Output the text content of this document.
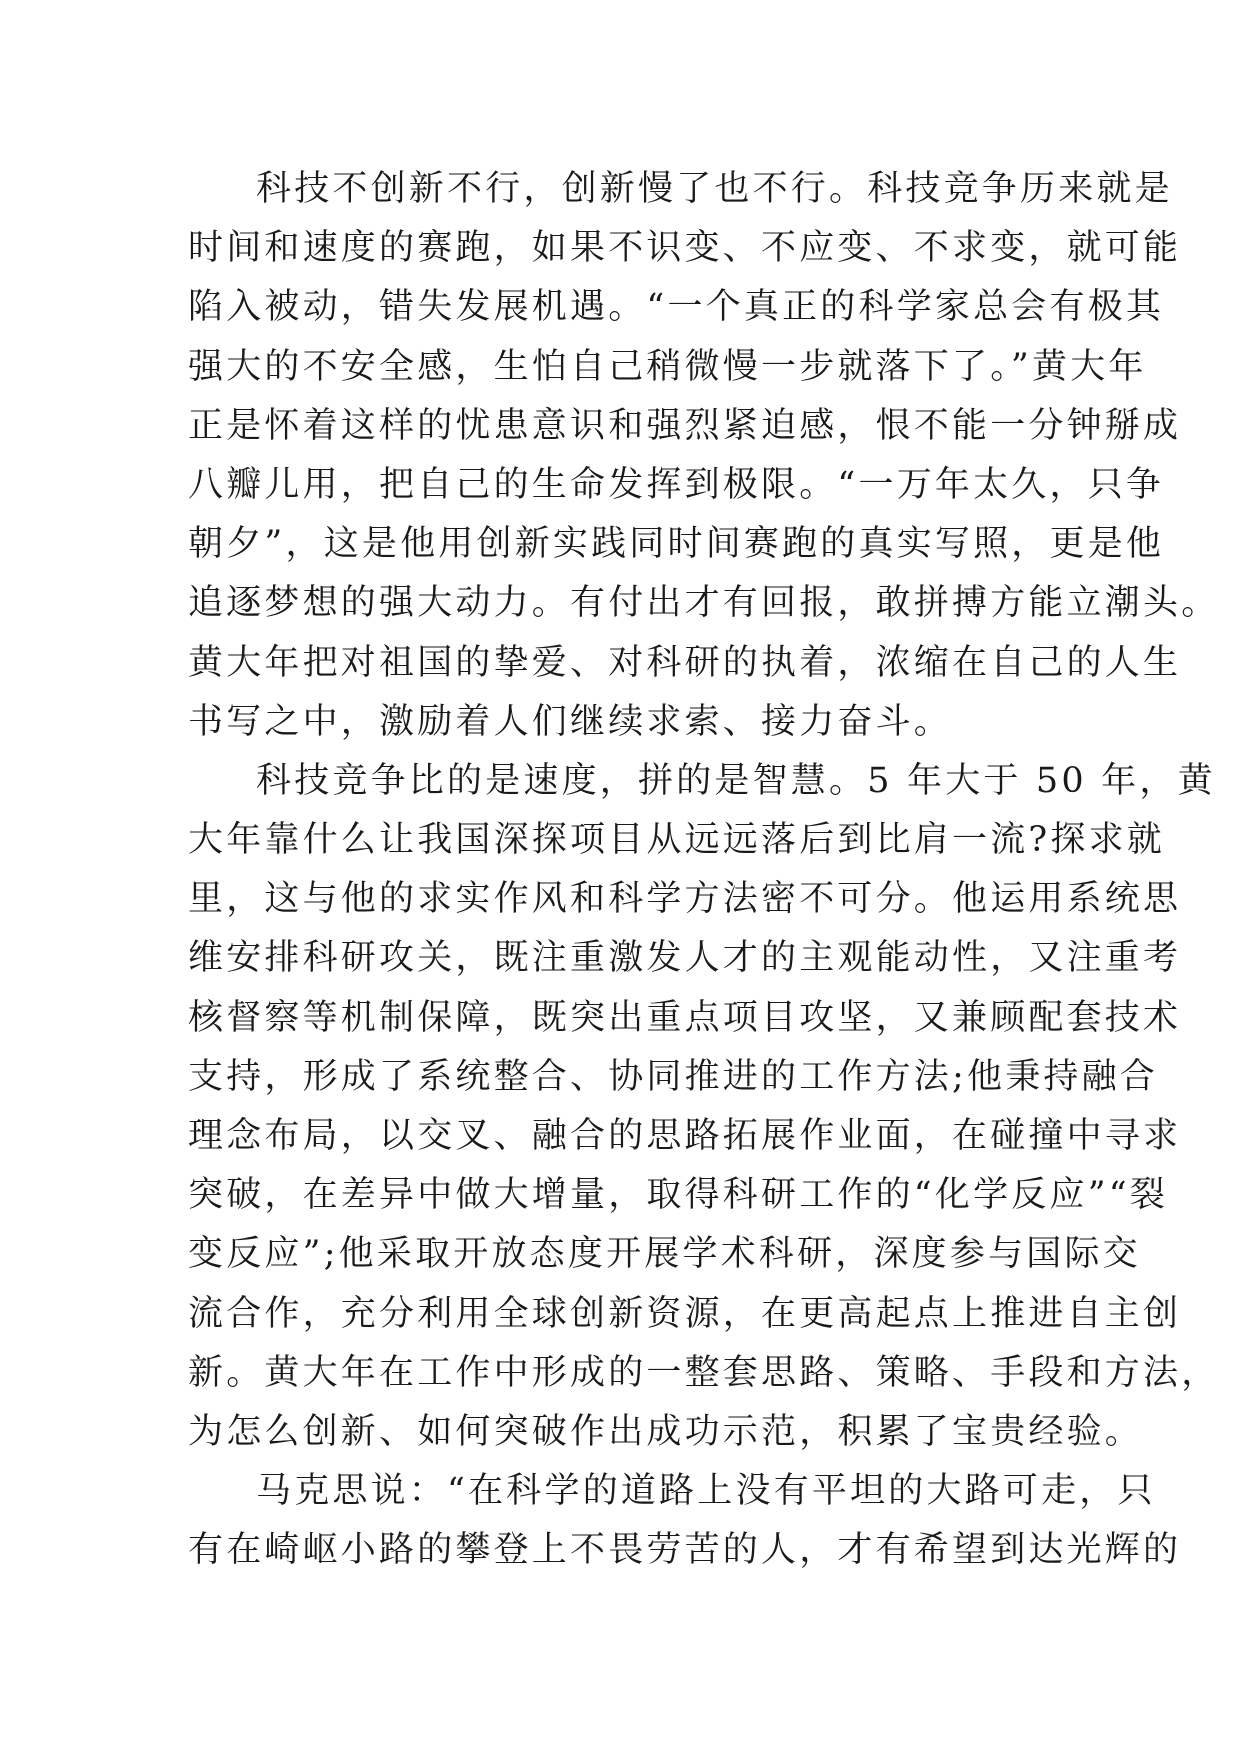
科技不创新不行，创新慢了也不行。科技竞争历来就是
时间和速度的赛跑，如果不识变、不应变、不求变，就可能
陷入被动，错失发展机遇。“一个真正的科学家总会有极其
强大的不安全感，生怕自己稍微慢一步就落下了。”黄大年
正是怀着这样的忧患意识和强烈紧迫感，恨不能一分钟掰成
八瓣儿用，把自己的生命发挥到极限。“一万年太久，只争
朝夕”，这是他用创新实践同时间赛跑的真实写照，更是他
追逐梦想的强大动力。有付出才有回报，敢拼搏方能立潮头。
黄大年把对祖国的挚爱、对科研的执着，浓缩在自己的人生
书写之中，激励着人们继续求索、接力奋斗。
科技竞争比的是速度，拼的是智慧。5 年大于 50 年，黄
大年靠什么让我国深探项目从远远落后到比肩一流?探求就
里，这与他的求实作风和科学方法密不可分。他运用系统思
维安排科研攻关，既注重激发人才的主观能动性，又注重考
核督察等机制保障，既突出重点项目攻坚，又兼顾配套技术
支持，形成了系统整合、协同推进的工作方法;他秉持融合
理念布局，以交叉、融合的思路拓展作业面，在碰撞中寻求
突破，在差异中做大增量，取得科研工作的“化学反应”“裂
变反应”;他采取开放态度开展学术科研，深度参与国际交
流合作，充分利用全球创新资源，在更高起点上推进自主创
新。黄大年在工作中形成的一整套思路、策略、手段和方法，
为怎么创新、如何突破作出成功示范，积累了宝贵经验。
马克思说：“在科学的道路上没有平坦的大路可走，只
有在崎岖小路的攀登上不畏劳苦的人，才有希望到达光辉的
